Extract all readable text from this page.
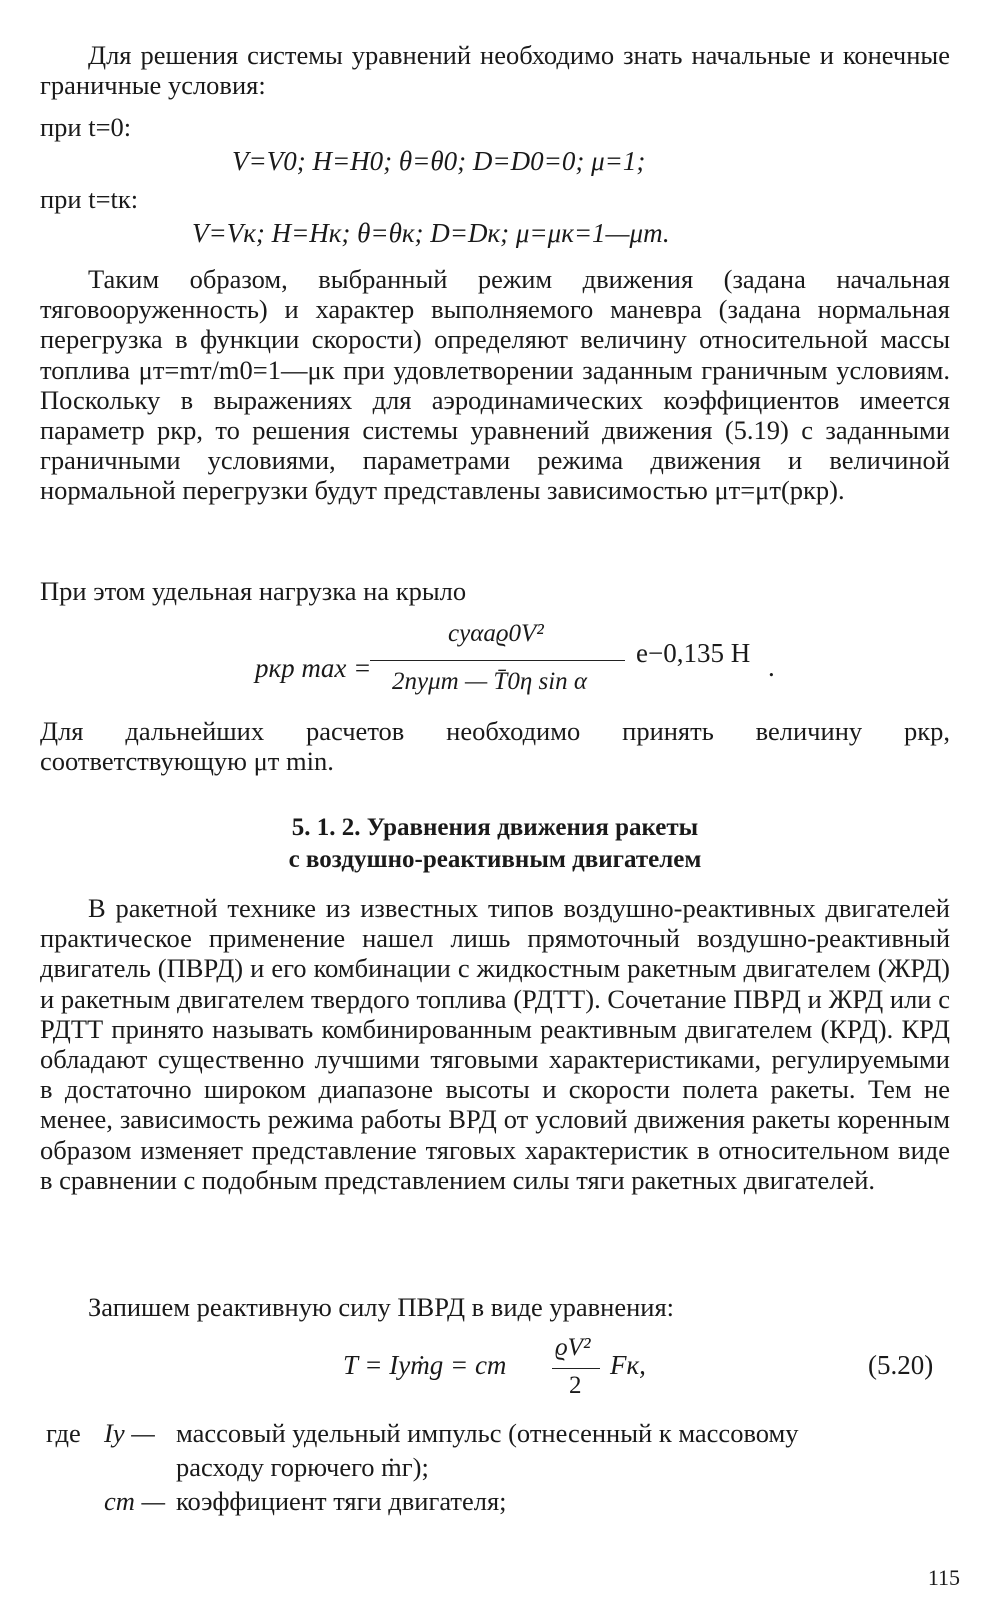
Для решения системы уравнений необходимо знать начальные и конечные граничные условия:

при t=0:
V=V0; H=H0; θ=θ0; D=D0=0; μ=1;
при t=tк:
V=Vк; H=Hк; θ=θк; D=Dк; μ=μк=1—μт.

Таким образом, выбранный режим движения (задана начальная тяговооруженность) и характер выполняемого маневра (задана нормальная перегрузка в функции скорости) определяют величину относительной массы топлива μт=mт/m0=1—μк при удовлетворении заданным граничным условиям. Поскольку в выражениях для аэродинамических коэффициентов имеется параметр pкр, то решения системы уравнений движения (5.19) с заданными граничными условиями, параметрами режима движения и величиной нормальной перегрузки будут представлены зависимостью μт=μт(pкр).

При этом удельная нагрузка на крыло

pкр max =
cyαaϱ0V²
2nyμт — T̄0η sin α
e−0,135 H .

Для дальнейших расчетов необходимо принять величину pкр, соответствующую μт min.

5. 1. 2. Уравнения движения ракеты

с воздушно-реактивным двигателем

В ракетной технике из известных типов воздушно-реактивных двигателей практическое применение нашел лишь прямоточный воздушно-реактивный двигатель (ПВРД) и его комбинации с жидкостным ракетным двигателем (ЖРД) и ракетным двигателем твердого топлива (РДТТ). Сочетание ПВРД и ЖРД или с РДТТ принято называть комбинированным реактивным двигателем (КРД). КРД обладают существенно лучшими тяговыми характеристиками, регулируемыми в достаточно широком диапазоне высоты и скорости полета ракеты. Тем не менее, зависимость режима работы ВРД от условий движения ракеты коренным образом изменяет представление тяговых характеристик в относительном виде в сравнении с подобным представлением силы тяги ракетных двигателей.

Запишем реактивную силу ПВРД в виде уравнения:

T = Iyṁg = cт
ϱV²
2
Fк,	(5.20)
где Iу — массовый удельный импульс (отнесенный к массовому
расходу горючего ṁг);
cт — коэффициент тяги двигателя;
115
